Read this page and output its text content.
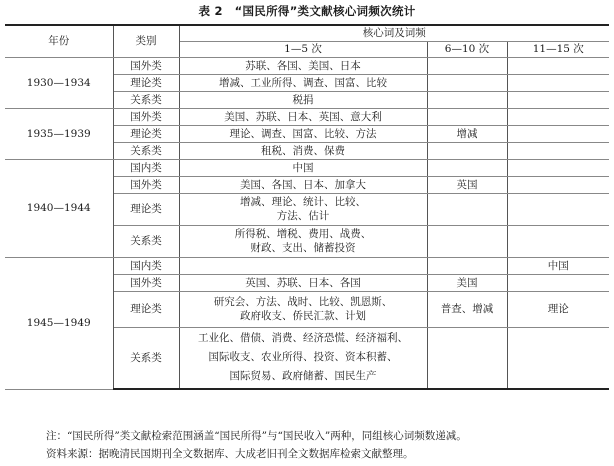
表 2　“国民所得”类文献核心词频次统计
年份	类别	核心词及词频		
		1—5 次	6—10 次	11—15 次
1930—1934	国外类	苏联、各国、美国、日本		
	理论类	增减、工业所得、调查、国富、比较		
	关系类	税捐		
1935—1939	国外类	美国、苏联、日本、英国、意大利		
	理论类	理论、调查、国富、比较、方法	增减	
	关系类	租税、消费、保费		
1940—1944	国内类	中国		
	国外类	美国、各国、日本、加拿大	英国	
	理论类	增减、理论、统计、比较、
方法、估计		

	关系类	所得税、增税、费用、战费、
财政、支出、储蓄投资		

1945—1949	国内类			中国
	国外类	英国、苏联、日本、各国	美国	
	理论类	研究会、方法、战时、比较、凯恩斯、
政府收支、侨民汇款、计划	普查、增减	理论
	关系类	工业化、借债、消费、经济恐慌、经济福利、
国际收支、农业所得、投资、资本积蓄、
国际贸易、政府储蓄、国民生产		

注：“国民所得”类文献检索范围涵盖“国民所得”与“国民收入”两种，同组核心词频数递减。
资料来源：据晚清民国期刊全文数据库、大成老旧刊全文数据库检索文献整理。
